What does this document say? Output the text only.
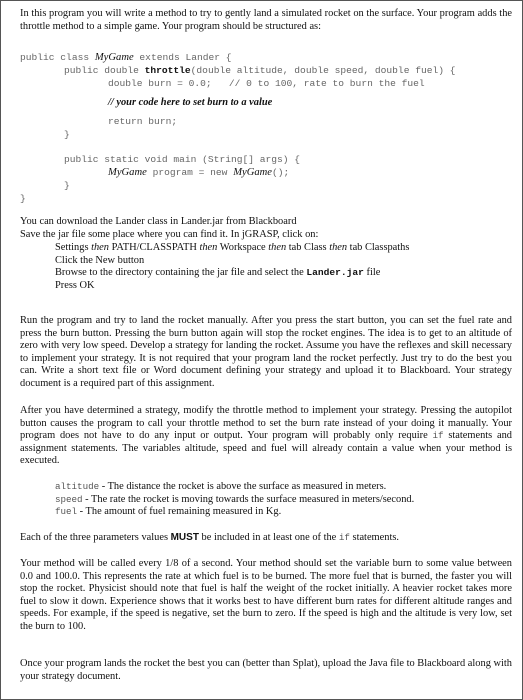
In this program you will write a method to try to gently land a simulated rocket on the surface. Your program adds the throttle method to a simple game. Your program should be structured as:

public class MyGame extends Lander {

public double throttle(double altitude, double speed, double fuel) {

double burn = 0.0;   // 0 to 100, rate to burn the fuel

// your code here to set burn to a value

return burn;

}

public static void main (String[] args) {

MyGame program = new MyGame();

}

}

You can download the Lander class in Lander.jar from Blackboard

Save the jar file some place where you can find it. In jGRASP, click on:

Settings then PATH/CLASSPATH then Workspace then tab Class then tab Classpaths
Click the New button
Browse to the directory containing the jar file and select the Lander.jar file
Press OK

Run the program and try to land the rocket manually. After you press the start button, you can set the fuel rate and press the burn button. Pressing the burn button again will stop the rocket engines. The idea is to get to an altitude of zero with very low speed. Develop a strategy for landing the rocket. Assume you have the reflexes and skill necessary to implement your strategy. It is not required that your program land the rocket perfectly. Just try to do the best you can. Write a short text file or Word document defining your strategy and upload it to Blackboard. Your strategy document is a required part of this assignment.

After you have determined a strategy, modify the throttle method to implement your strategy. Pressing the autopilot button causes the program to call your throttle method to set the burn rate instead of your doing it manually. Your program does not have to do any input or output. Your program will probably only require if statements and assignment statements. The variables altitude, speed and fuel will already contain a value when your method is executed.

altitude - The distance the rocket is above the surface as measured in meters.
speed - The rate the rocket is moving towards the surface measured in meters/second.
fuel - The amount of fuel remaining measured in Kg.

Each of the three parameters values MUST be included in at least one of the if statements.

Your method will be called every 1/8 of a second. Your method should set the variable burn to some value between 0.0 and 100.0. This represents the rate at which fuel is to be burned. The more fuel that is burned, the faster you will stop the rocket. Physicist should note that fuel is half the weight of the rocket initially. A heavier rocket takes more fuel to slow it down. Experience shows that it works best to have different burn rates for different altitude ranges and speeds. For example, if the speed is negative, set the burn to zero. If the speed is high and the altitude is very low, set the burn to 100.

Once your program lands the rocket the best you can (better than Splat), upload the Java file to Blackboard along with your strategy document.
